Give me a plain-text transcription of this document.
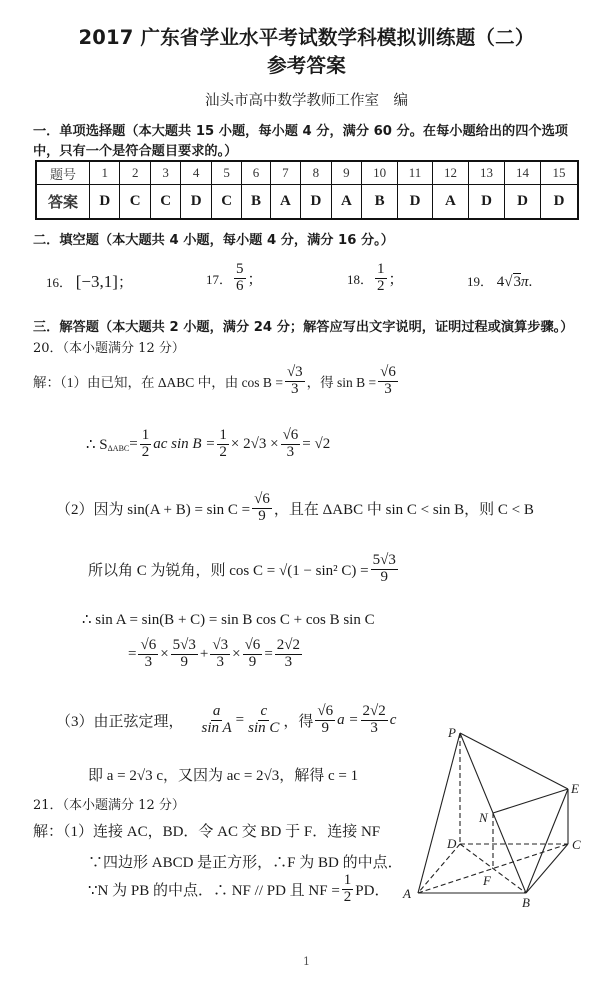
2017 广东省学业水平考试数学科模拟训练题（二）
参考答案
汕头市高中数学教师工作室　编
一．单项选择题（本大题共 15 小题，每小题 4 分，满分 60 分。在每小题给出的四个选项
中，只有一个是符合题目要求的。）
题号	1	2	3	4	5	6	7	8	9	10	11	12	13	14	15
答案	D	C	C	D	C	B	A	D	A	B	D	A	D	D	D
二．填空题（本大题共 4 小题，每小题 4 分，满分 16 分。）
16． [−3,1]；	17． $\frac{5}{6}$ ；	18． $\frac{1}{2}$ ；	19． 4√3π.
三．解答题（本大题共 2 小题，满分 24 分；解答应写出文字说明，证明过程或演算步骤。）
20．（本小题满分 12 分）
解：（1）由已知，在 ΔABC 中，由 $\cos B = \frac{√3}{3}$ ，得 $\sin B = \frac{√6}{3}$
∴ $S_{\Delta ABC} = \frac{1}{2}$ ac $\sin B = \frac{1}{2} \times 2√3 \times \frac{√6}{3} = √2$
（2）因为 $\sin(A + B) = \sin C = \frac{√6}{9}$ ，且在 ΔABC 中 sin C < sin B，则 C < B
所以角 C 为锐角，则 cos C = √(1 − sin² $C) = \frac{5√3}{9}$
∴ sin A = sin(B + C) = sin B cos C + cos B sin C
= $\frac{√6}{3} \times \frac{5√3}{9} + \frac{√3}{3} \times \frac{√6}{9} = \frac{2√2}{3}$
（3）由正弦定理， $\frac{a}{\text{sin A}} = \frac{c}{\text{sin C}}$ ，得 $\frac{√6}{9}$ $a = \frac{2√2}{3}$ c
即 a = 2√3 c，又因为 ac = 2√3，解得 c = 1
21．（本小题满分 12 分）
解：（1）连接 AC，BD．令 AC 交 BD 于 F．连接 NF
∵四边形 ABCD 是正方形，∴F 为 BD 的中点．
∵N 为 PB 的中点．∴ NF // PD 且 NF = $\frac{1}{2}$ PD．
P
E
N
D	C
F
A
B
1
